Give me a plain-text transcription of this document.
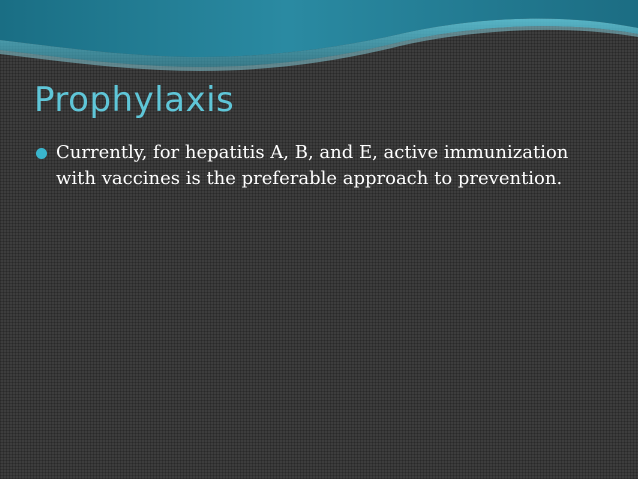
Prophylaxis
Currently, for hepatitis A, B, and E, active immunization with vaccines is the preferable approach to prevention.
